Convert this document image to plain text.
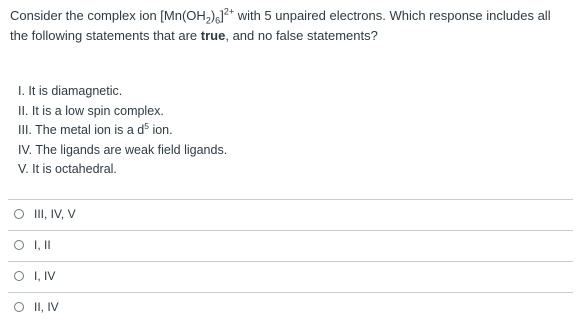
Consider the complex ion $[Mn(OH_2)_6]^{2+}$ with 5 unpaired electrons. Which response includes all the following statements that are true, and no false statements?
I. It is diamagnetic.
II. It is a low spin complex.
III. The metal ion is a $d^5$ ion.
IV. The ligands are weak field ligands.
V. It is octahedral.
III, IV, V
I, II
I, IV
II, IV
